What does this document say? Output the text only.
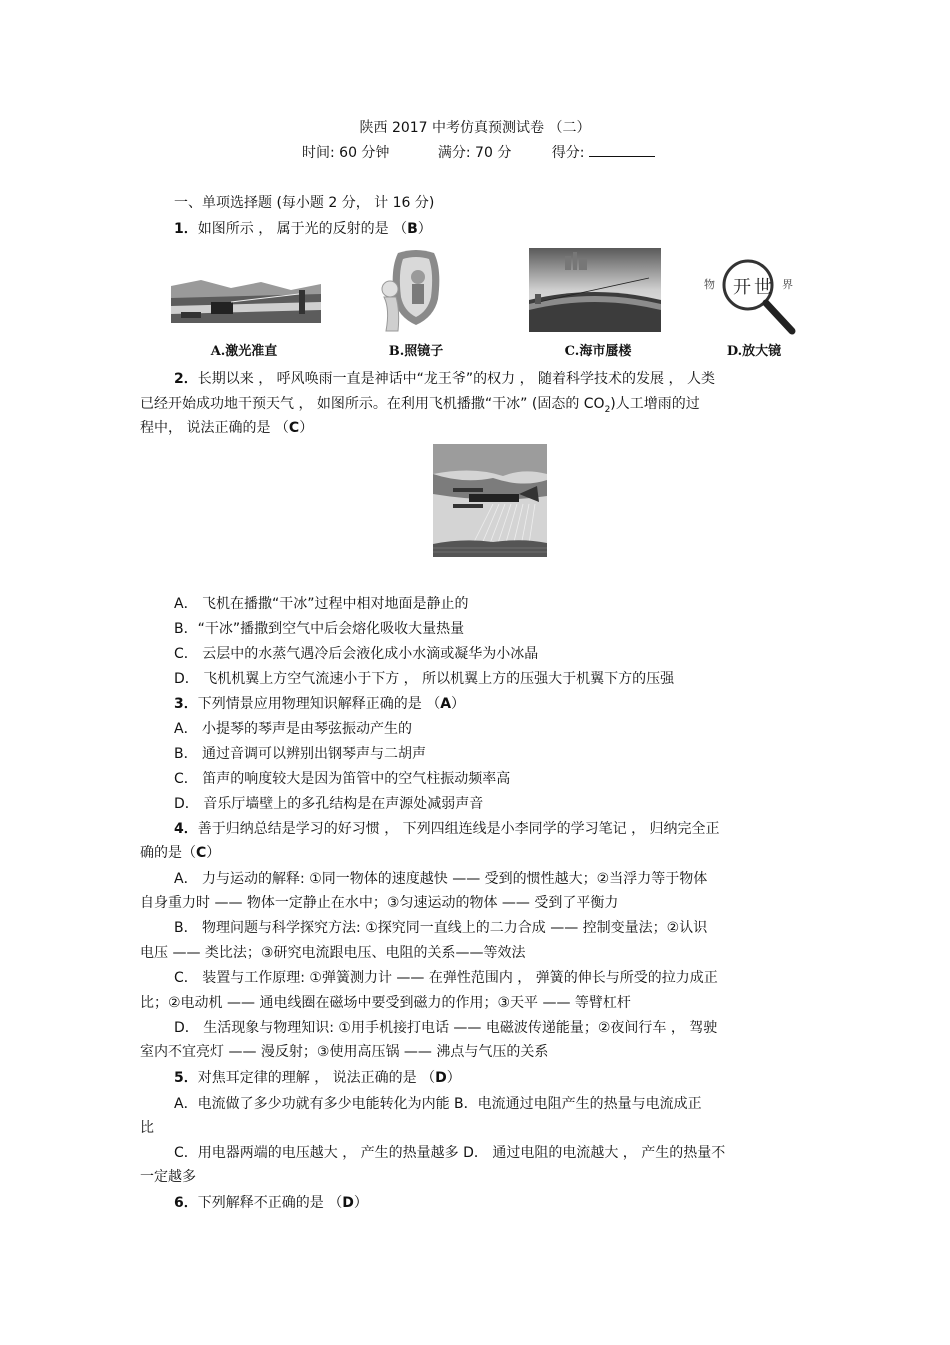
陕西 2017 中考仿真预测试卷 （二）
时间: 60 分钟	满分: 70 分	得分:
一、单项选择题 (每小题 2 分， 计 16 分)
1．如图所示 ， 属于光的反射的是 （B）
开 世
物	界
A.激光准直	B.照镜子	C.海市蜃楼	D.放大镜
2．长期以来 ， 呼风唤雨一直是神话中“龙王爷”的权力 ， 随着科学技术的发展 ， 人类
已经开始成功地干预天气 ， 如图所示。在利用飞机播撒“干冰” (固态的 $CO_2$)人工增雨的过
程中， 说法正确的是 （C）
A． 飞机在播撒“干冰”过程中相对地面是静止的
B．“干冰”播撒到空气中后会熔化吸收大量热量
C． 云层中的水蒸气遇冷后会液化成小水滴或凝华为小冰晶
D． 飞机机翼上方空气流速小于下方 ， 所以机翼上方的压强大于机翼下方的压强
3．下列情景应用物理知识解释正确的是 （A）
A． 小提琴的琴声是由琴弦振动产生的
B． 通过音调可以辨别出钢琴声与二胡声
C． 笛声的响度较大是因为笛管中的空气柱振动频率高
D． 音乐厅墙壁上的多孔结构是在声源处减弱声音
4．善于归纳总结是学习的好习惯 ， 下列四组连线是小李同学的学习笔记 ， 归纳完全正
确的是（C）
A． 力与运动的解释: ①同一物体的速度越快 —— 受到的惯性越大；②当浮力等于物体
自身重力时 —— 物体一定静止在水中；③匀速运动的物体 —— 受到了平衡力
B． 物理问题与科学探究方法: ①探究同一直线上的二力合成 —— 控制变量法；②认识
电压 —— 类比法；③研究电流跟电压、电阻的关系——等效法
C． 装置与工作原理: ①弹簧测力计 —— 在弹性范围内 ， 弹簧的伸长与所受的拉力成正
比；②电动机 —— 通电线圈在磁场中要受到磁力的作用；③天平 —— 等臂杠杆
D． 生活现象与物理知识: ①用手机接打电话 —— 电磁波传递能量；②夜间行车 ， 驾驶
室内不宜亮灯 —— 漫反射；③使用高压锅 —— 沸点与气压的关系
5．对焦耳定律的理解 ， 说法正确的是 （D）
A．电流做了多少功就有多少电能转化为内能 B．电流通过电阻产生的热量与电流成正
比
C．用电器两端的电压越大 ， 产生的热量越多 D． 通过电阻的电流越大 ， 产生的热量不
一定越多
6．下列解释不正确的是 （D）
